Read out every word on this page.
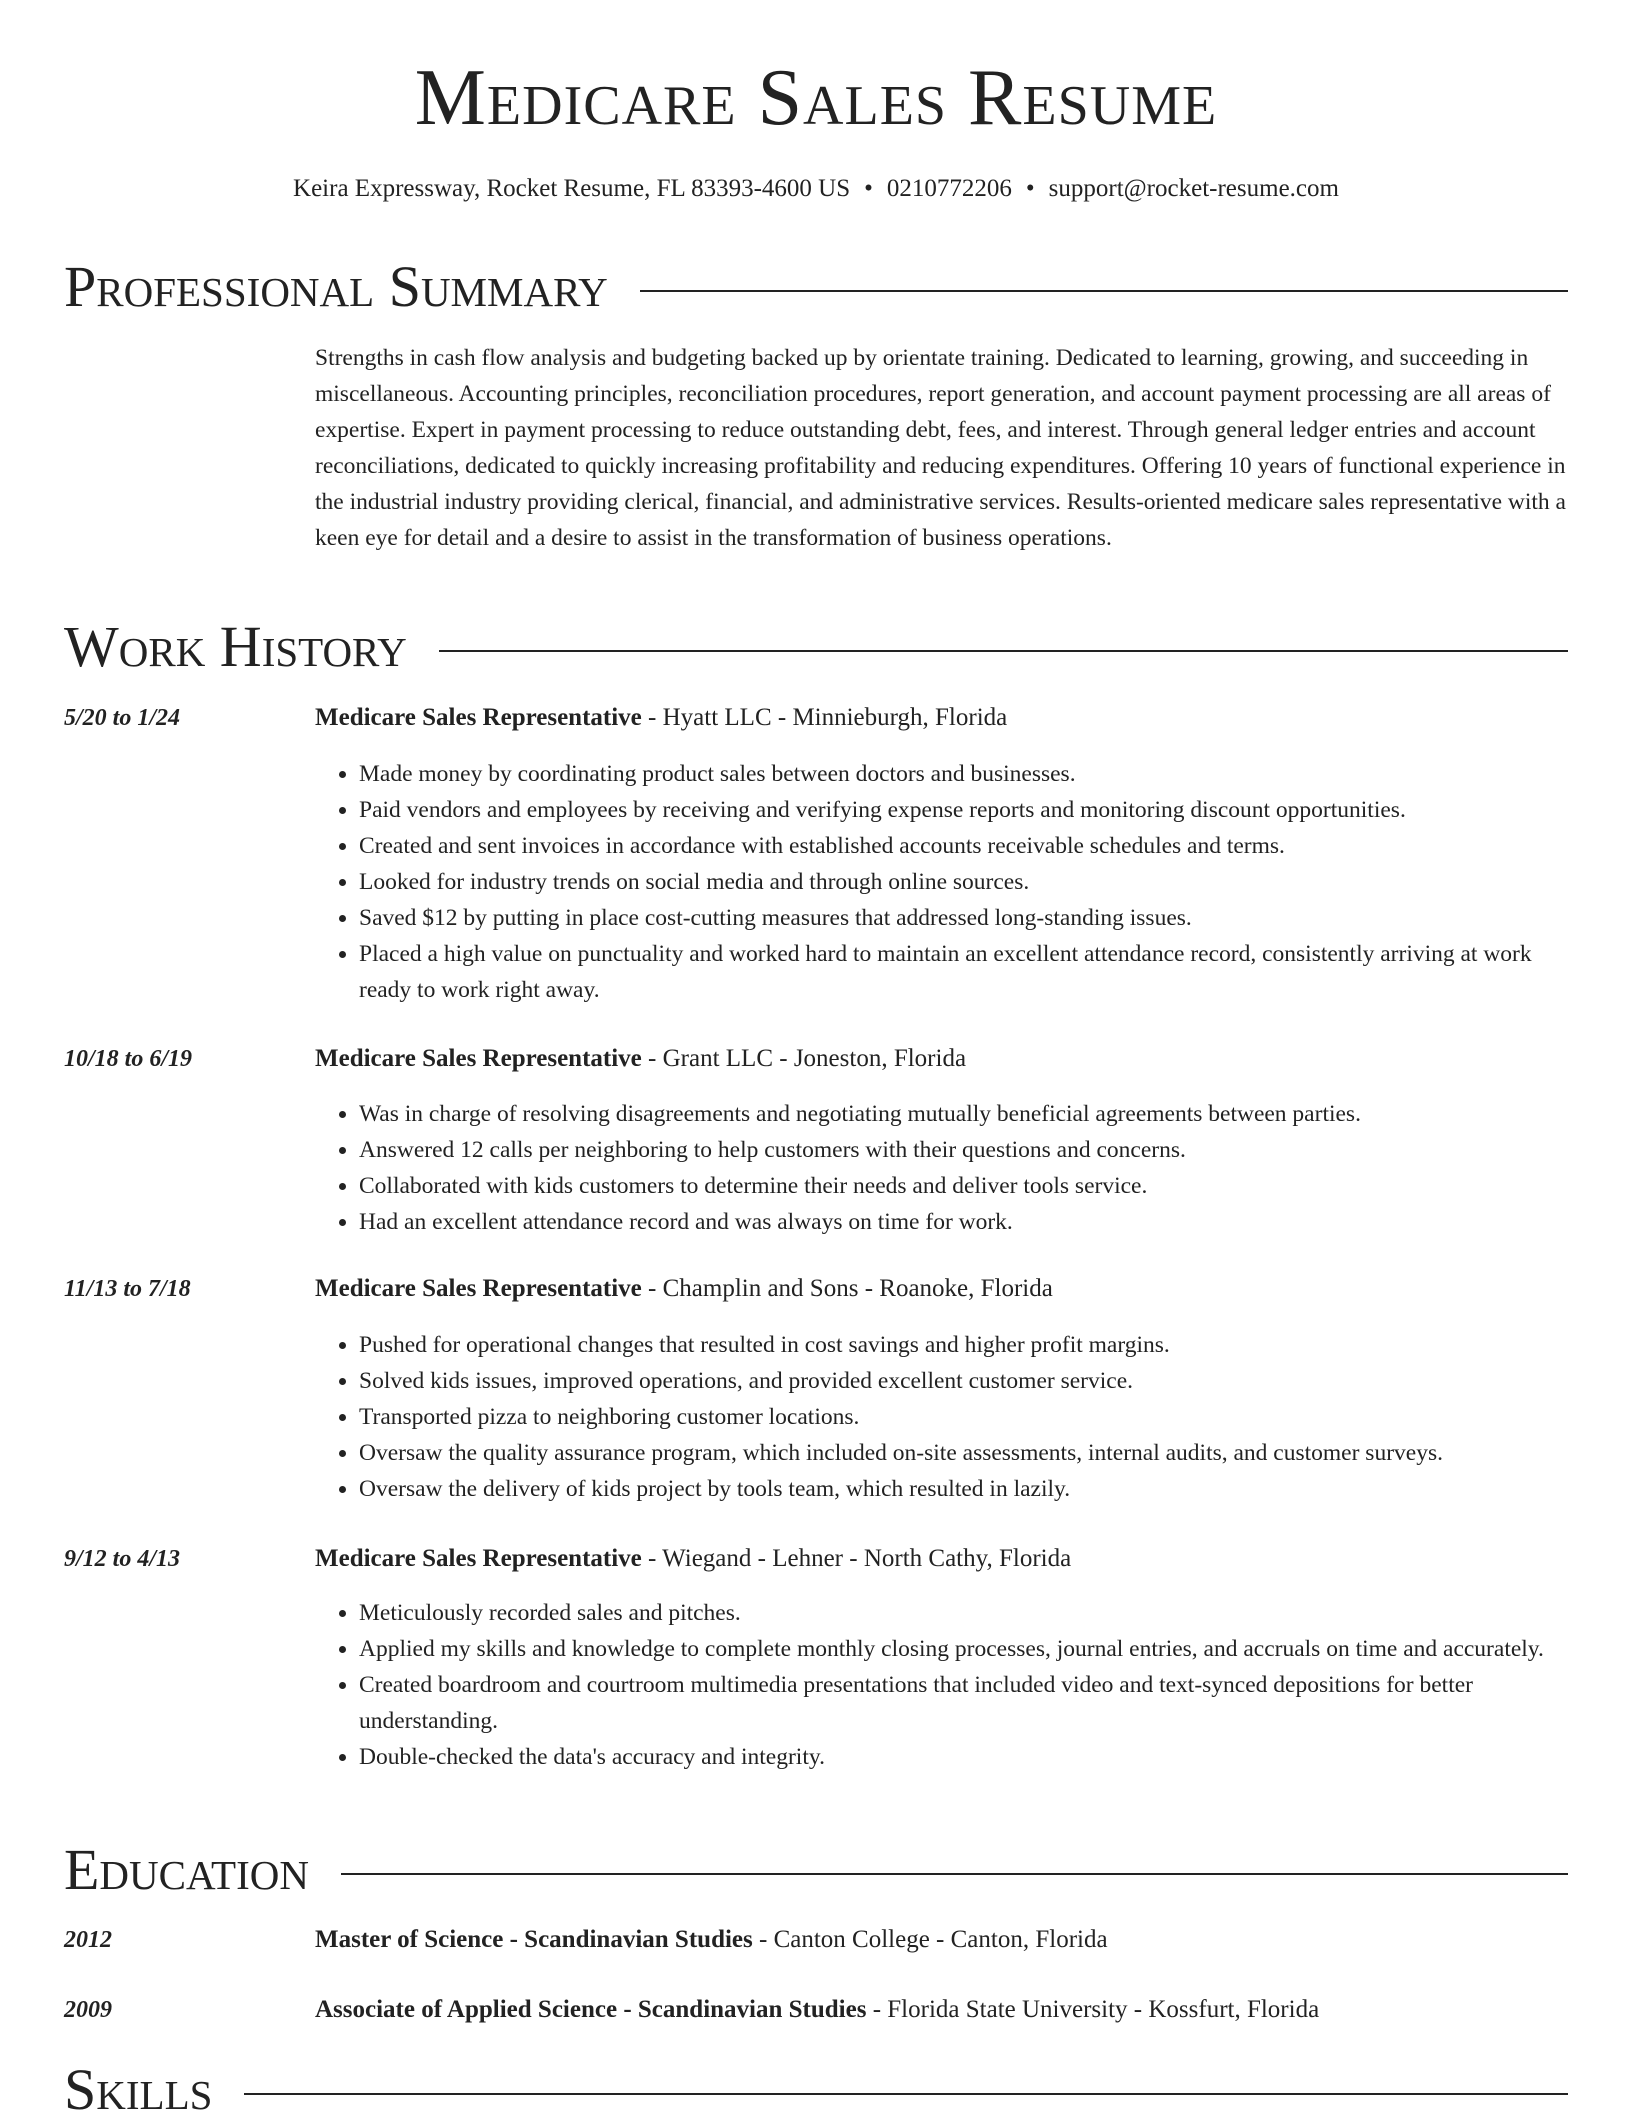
Medicare Sales Resume
Keira Expressway, Rocket Resume, FL 83393-4600 US • 0210772206 • support@rocket-resume.com
Professional Summary
Strengths in cash flow analysis and budgeting backed up by orientate training. Dedicated to learning, growing, and succeeding in miscellaneous. Accounting principles, reconciliation procedures, report generation, and account payment processing are all areas of expertise. Expert in payment processing to reduce outstanding debt, fees, and interest. Through general ledger entries and account reconciliations, dedicated to quickly increasing profitability and reducing expenditures. Offering 10 years of functional experience in the industrial industry providing clerical, financial, and administrative services. Results-oriented medicare sales representative with a keen eye for detail and a desire to assist in the transformation of business operations.
Work History
5/20 to 1/24	Medicare Sales Representative - Hyatt LLC - Minnieburgh, Florida
• Made money by coordinating product sales between doctors and businesses.
• Paid vendors and employees by receiving and verifying expense reports and monitoring discount opportunities.
• Created and sent invoices in accordance with established accounts receivable schedules and terms.
• Looked for industry trends on social media and through online sources.
• Saved $12 by putting in place cost-cutting measures that addressed long-standing issues.
• Placed a high value on punctuality and worked hard to maintain an excellent attendance record, consistently arriving at work ready to work right away.
10/18 to 6/19	Medicare Sales Representative - Grant LLC - Joneston, Florida
• Was in charge of resolving disagreements and negotiating mutually beneficial agreements between parties.
• Answered 12 calls per neighboring to help customers with their questions and concerns.
• Collaborated with kids customers to determine their needs and deliver tools service.
• Had an excellent attendance record and was always on time for work.
11/13 to 7/18	Medicare Sales Representative - Champlin and Sons - Roanoke, Florida
• Pushed for operational changes that resulted in cost savings and higher profit margins.
• Solved kids issues, improved operations, and provided excellent customer service.
• Transported pizza to neighboring customer locations.
• Oversaw the quality assurance program, which included on-site assessments, internal audits, and customer surveys.
• Oversaw the delivery of kids project by tools team, which resulted in lazily.
9/12 to 4/13	Medicare Sales Representative - Wiegand - Lehner - North Cathy, Florida
• Meticulously recorded sales and pitches.
• Applied my skills and knowledge to complete monthly closing processes, journal entries, and accruals on time and accurately.
• Created boardroom and courtroom multimedia presentations that included video and text-synced depositions for better understanding.
• Double-checked the data's accuracy and integrity.
Education
2012	Master of Science - Scandinavian Studies - Canton College - Canton, Florida
2009	Associate of Applied Science - Scandinavian Studies - Florida State University - Kossfurt, Florida
Skills
